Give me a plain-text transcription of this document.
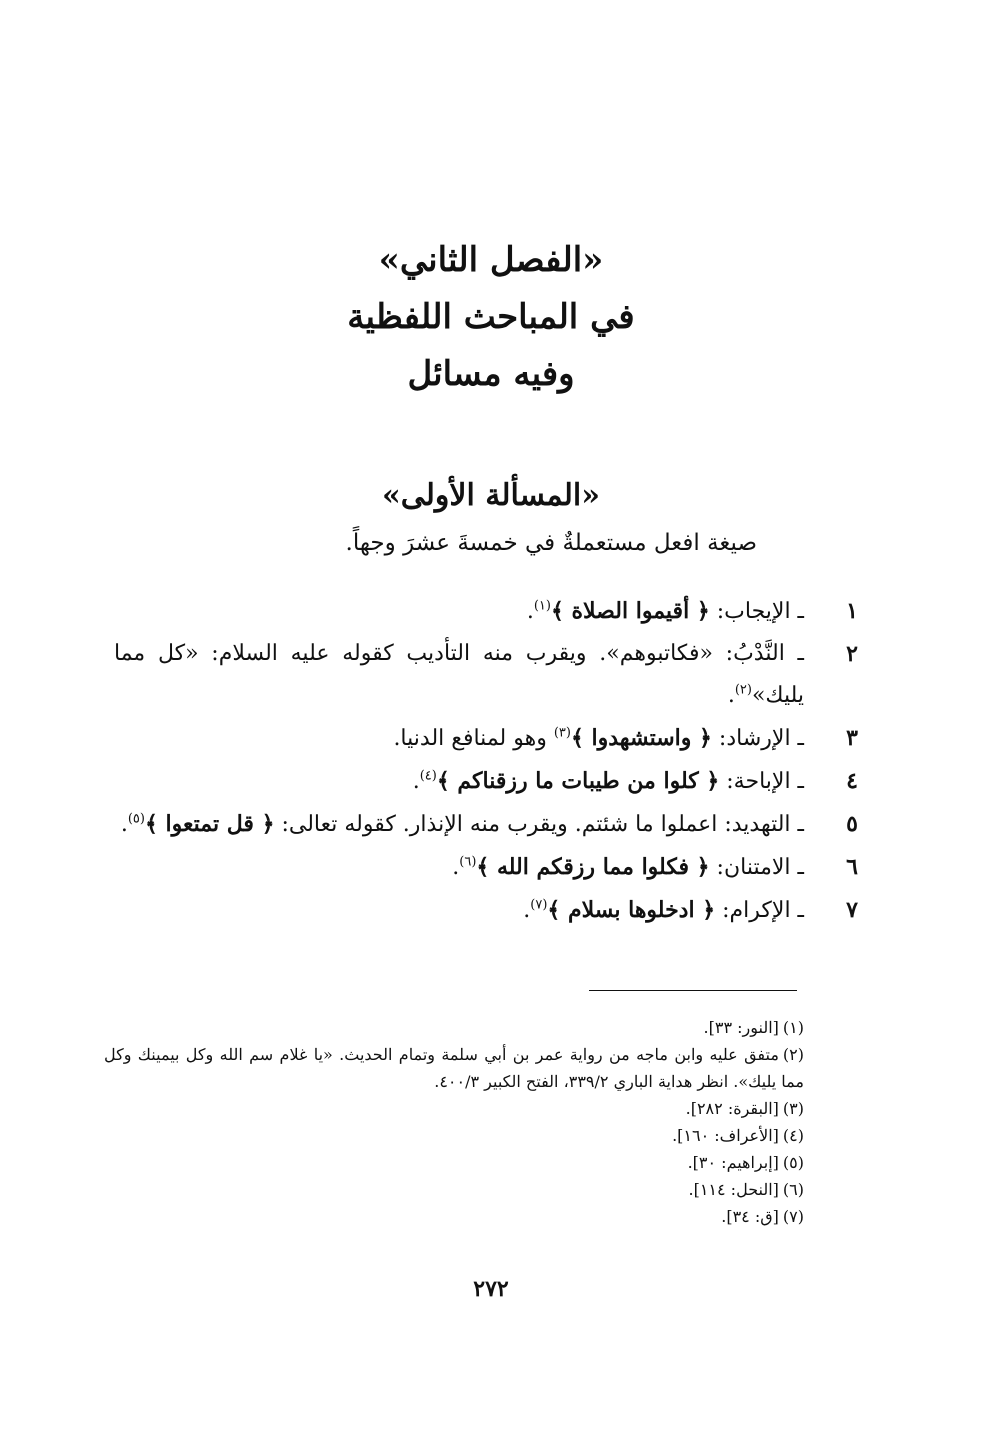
«الفصل الثاني»
في المباحث اللفظية
وفيه مسائل
«المسألة الأولى»
صيغة افعل مستعملةٌ في خمسةَ عشرَ وجهاً.
١
ـ الإيجاب: ﴿ أقيموا الصلاة ﴾$^{(١)}$.
٢
ـ النَّدْبُ: «فكاتبوهم». ويقرب منه التأديب كقوله عليه السلام: «كل مما يليك»$^{(٢)}$.
٣
ـ الإرشاد: ﴿ واستشهدوا ﴾$^{(٣)}$ وهو لمنافع الدنيا.
٤
ـ الإباحة: ﴿ كلوا من طيبات ما رزقناكم ﴾$^{(٤)}$.
٥
ـ التهديد: اعملوا ما شئتم. ويقرب منه الإنذار. كقوله تعالى: ﴿ قل تمتعوا ﴾$^{(٥)}$.
٦
ـ الامتنان: ﴿ فكلوا مما رزقكم الله ﴾$^{(٦)}$.
٧
ـ الإكرام: ﴿ ادخلوها بسلام ﴾$^{(٧)}$.
(١)[النور: ٣٣].
(٢)متفق عليه وابن ماجه من رواية عمر بن أبي سلمة وتمام الحديث. «يا غلام سم الله وكل بيمينك وكل مما يليك». انظر هداية الباري ٣٣٩/٢، الفتح الكبير ٤٠٠/٣.
(٣)[البقرة: ٢٨٢].
(٤)[الأعراف: ١٦٠].
(٥)[إبراهيم: ٣٠].
(٦)[النحل: ١١٤].
(٧)[ق: ٣٤].
٢٧٢
